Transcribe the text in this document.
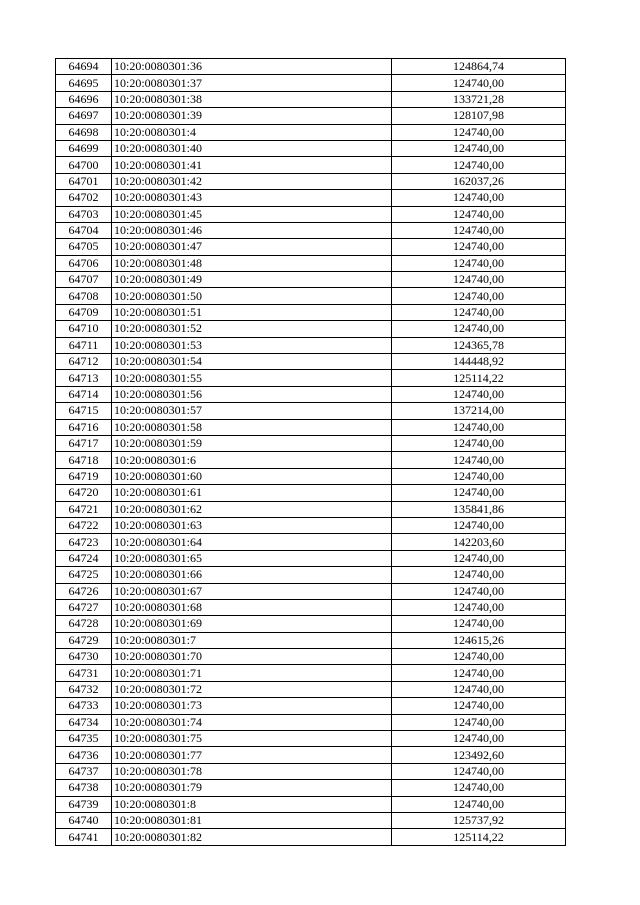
64694	10:20:0080301:36	124864,74
64695	10:20:0080301:37	124740,00
64696	10:20:0080301:38	133721,28
64697	10:20:0080301:39	128107,98
64698	10:20:0080301:4	124740,00
64699	10:20:0080301:40	124740,00
64700	10:20:0080301:41	124740,00
64701	10:20:0080301:42	162037,26
64702	10:20:0080301:43	124740,00
64703	10:20:0080301:45	124740,00
64704	10:20:0080301:46	124740,00
64705	10:20:0080301:47	124740,00
64706	10:20:0080301:48	124740,00
64707	10:20:0080301:49	124740,00
64708	10:20:0080301:50	124740,00
64709	10:20:0080301:51	124740,00
64710	10:20:0080301:52	124740,00
64711	10:20:0080301:53	124365,78
64712	10:20:0080301:54	144448,92
64713	10:20:0080301:55	125114,22
64714	10:20:0080301:56	124740,00
64715	10:20:0080301:57	137214,00
64716	10:20:0080301:58	124740,00
64717	10:20:0080301:59	124740,00
64718	10:20:0080301:6	124740,00
64719	10:20:0080301:60	124740,00
64720	10:20:0080301:61	124740,00
64721	10:20:0080301:62	135841,86
64722	10:20:0080301:63	124740,00
64723	10:20:0080301:64	142203,60
64724	10:20:0080301:65	124740,00
64725	10:20:0080301:66	124740,00
64726	10:20:0080301:67	124740,00
64727	10:20:0080301:68	124740,00
64728	10:20:0080301:69	124740,00
64729	10:20:0080301:7	124615,26
64730	10:20:0080301:70	124740,00
64731	10:20:0080301:71	124740,00
64732	10:20:0080301:72	124740,00
64733	10:20:0080301:73	124740,00
64734	10:20:0080301:74	124740,00
64735	10:20:0080301:75	124740,00
64736	10:20:0080301:77	123492,60
64737	10:20:0080301:78	124740,00
64738	10:20:0080301:79	124740,00
64739	10:20:0080301:8	124740,00
64740	10:20:0080301:81	125737,92
64741	10:20:0080301:82	125114,22
